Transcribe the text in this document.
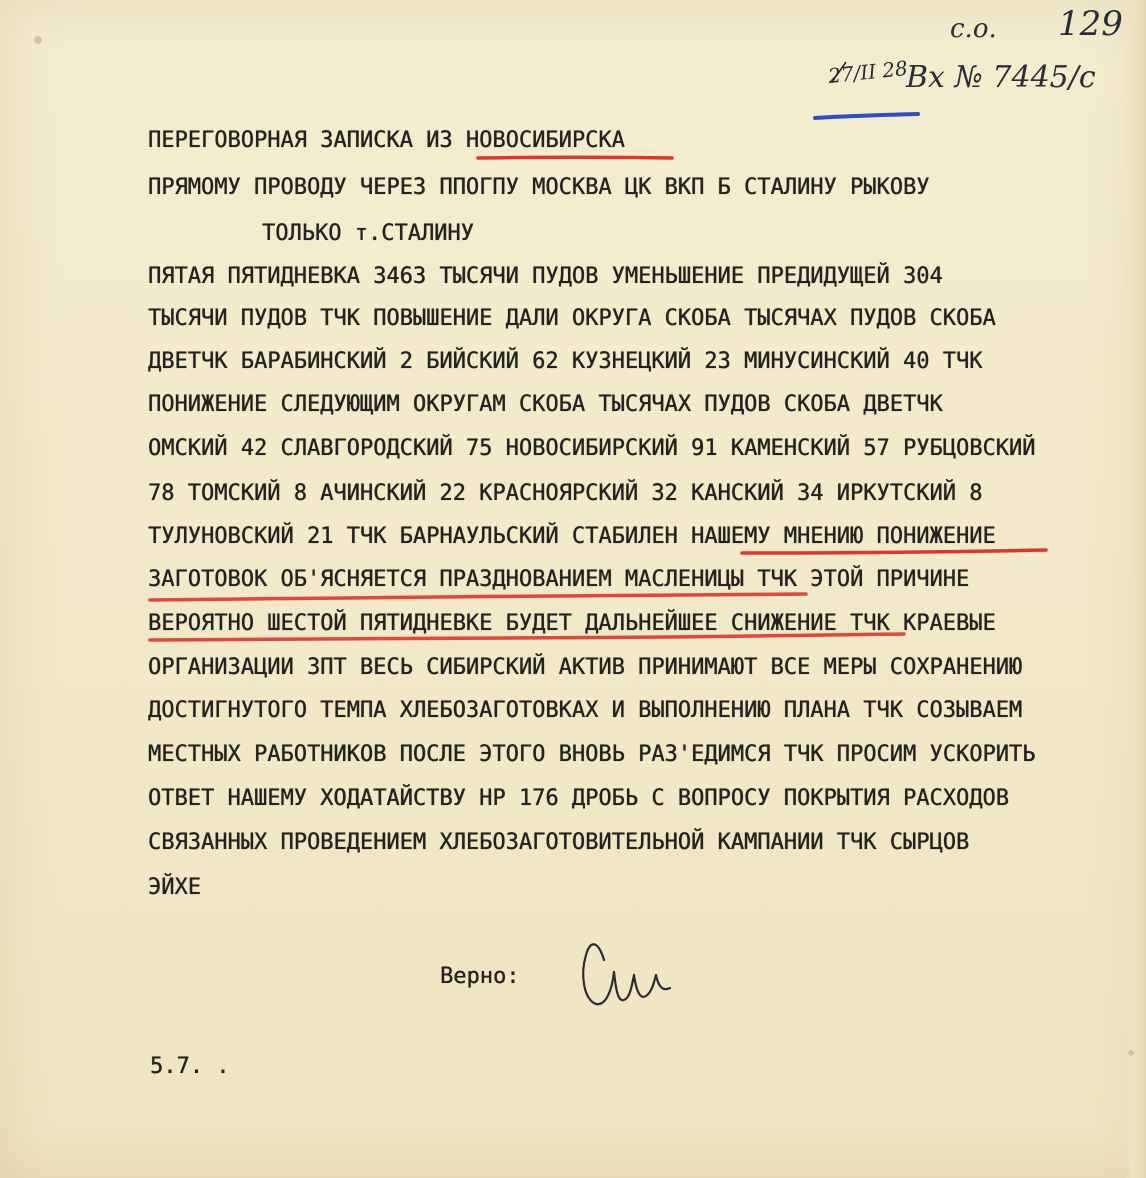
с.о. 129
27/II 28
Вх № 7445/с
ПЕРЕГОВОРНАЯ ЗАПИСКА ИЗ НОВОСИБИРСКА
ПРЯМОМУ ПРОВОДУ ЧЕРЕЗ ППОГПУ МОСКВА ЦК ВКП Б СТАЛИНУ РЫКОВУ
ТОЛЬКО т.СТАЛИНУ
ПЯТАЯ ПЯТИДНЕВКА 3463 ТЫСЯЧИ ПУДОВ УМЕНЬШЕНИЕ ПРЕДИДУЩЕЙ 304
ТЫСЯЧИ ПУДОВ ТЧК ПОВЫШЕНИЕ ДАЛИ ОКРУГА СКОБА ТЫСЯЧАХ ПУДОВ СКОБА
ДВЕТЧК БАРАБИНСКИЙ 2 БИЙСКИЙ 62 КУЗНЕЦКИЙ 23 МИНУСИНСКИЙ 40 ТЧК
ПОНИЖЕНИЕ СЛЕДУЮЩИМ ОКРУГАМ СКОБА ТЫСЯЧАХ ПУДОВ СКОБА ДВЕТЧК
ОМСКИЙ 42 СЛАВГОРОДСКИЙ 75 НОВОСИБИРСКИЙ 91 КАМЕНСКИЙ 57 РУБЦОВСКИЙ
78 ТОМСКИЙ 8 АЧИНСКИЙ 22 КРАСНОЯРСКИЙ 32 КАНСКИЙ 34 ИРКУТСКИЙ 8
ТУЛУНОВСКИЙ 21 ТЧК БАРНАУЛЬСКИЙ СТАБИЛЕН НАШЕМУ МНЕНИЮ ПОНИЖЕНИЕ
ЗАГОТОВОК ОБ'ЯСНЯЕТСЯ ПРАЗДНОВАНИЕМ МАСЛЕНИЦЫ ТЧК ЭТОЙ ПРИЧИНЕ
ВЕРОЯТНО ШЕСТОЙ ПЯТИДНЕВКЕ БУДЕТ ДАЛЬНЕЙШЕЕ СНИЖЕНИЕ ТЧК КРАЕВЫЕ
ОРГАНИЗАЦИИ ЗПТ ВЕСЬ СИБИРСКИЙ АКТИВ ПРИНИМАЮТ ВСЕ МЕРЫ СОХРАНЕНИЮ
ДОСТИГНУТОГО ТЕМПА ХЛЕБОЗАГОТОВКАХ И ВЫПОЛНЕНИЮ ПЛАНА ТЧК СОЗЫВАЕМ
МЕСТНЫХ РАБОТНИКОВ ПОСЛЕ ЭТОГО ВНОВЬ РАЗ'ЕДИМСЯ ТЧК ПРОСИМ УСКОРИТЬ
ОТВЕТ НАШЕМУ ХОДАТАЙСТВУ НР 176 ДРОБЬ С ВОПРОСУ ПОКРЫТИЯ РАСХОДОВ
СВЯЗАННЫХ ПРОВЕДЕНИЕМ ХЛЕБОЗАГОТОВИТЕЛЬНОЙ КАМПАНИИ ТЧК СЫРЦОВ
ЭЙХЕ
Верно:
5.7. .
